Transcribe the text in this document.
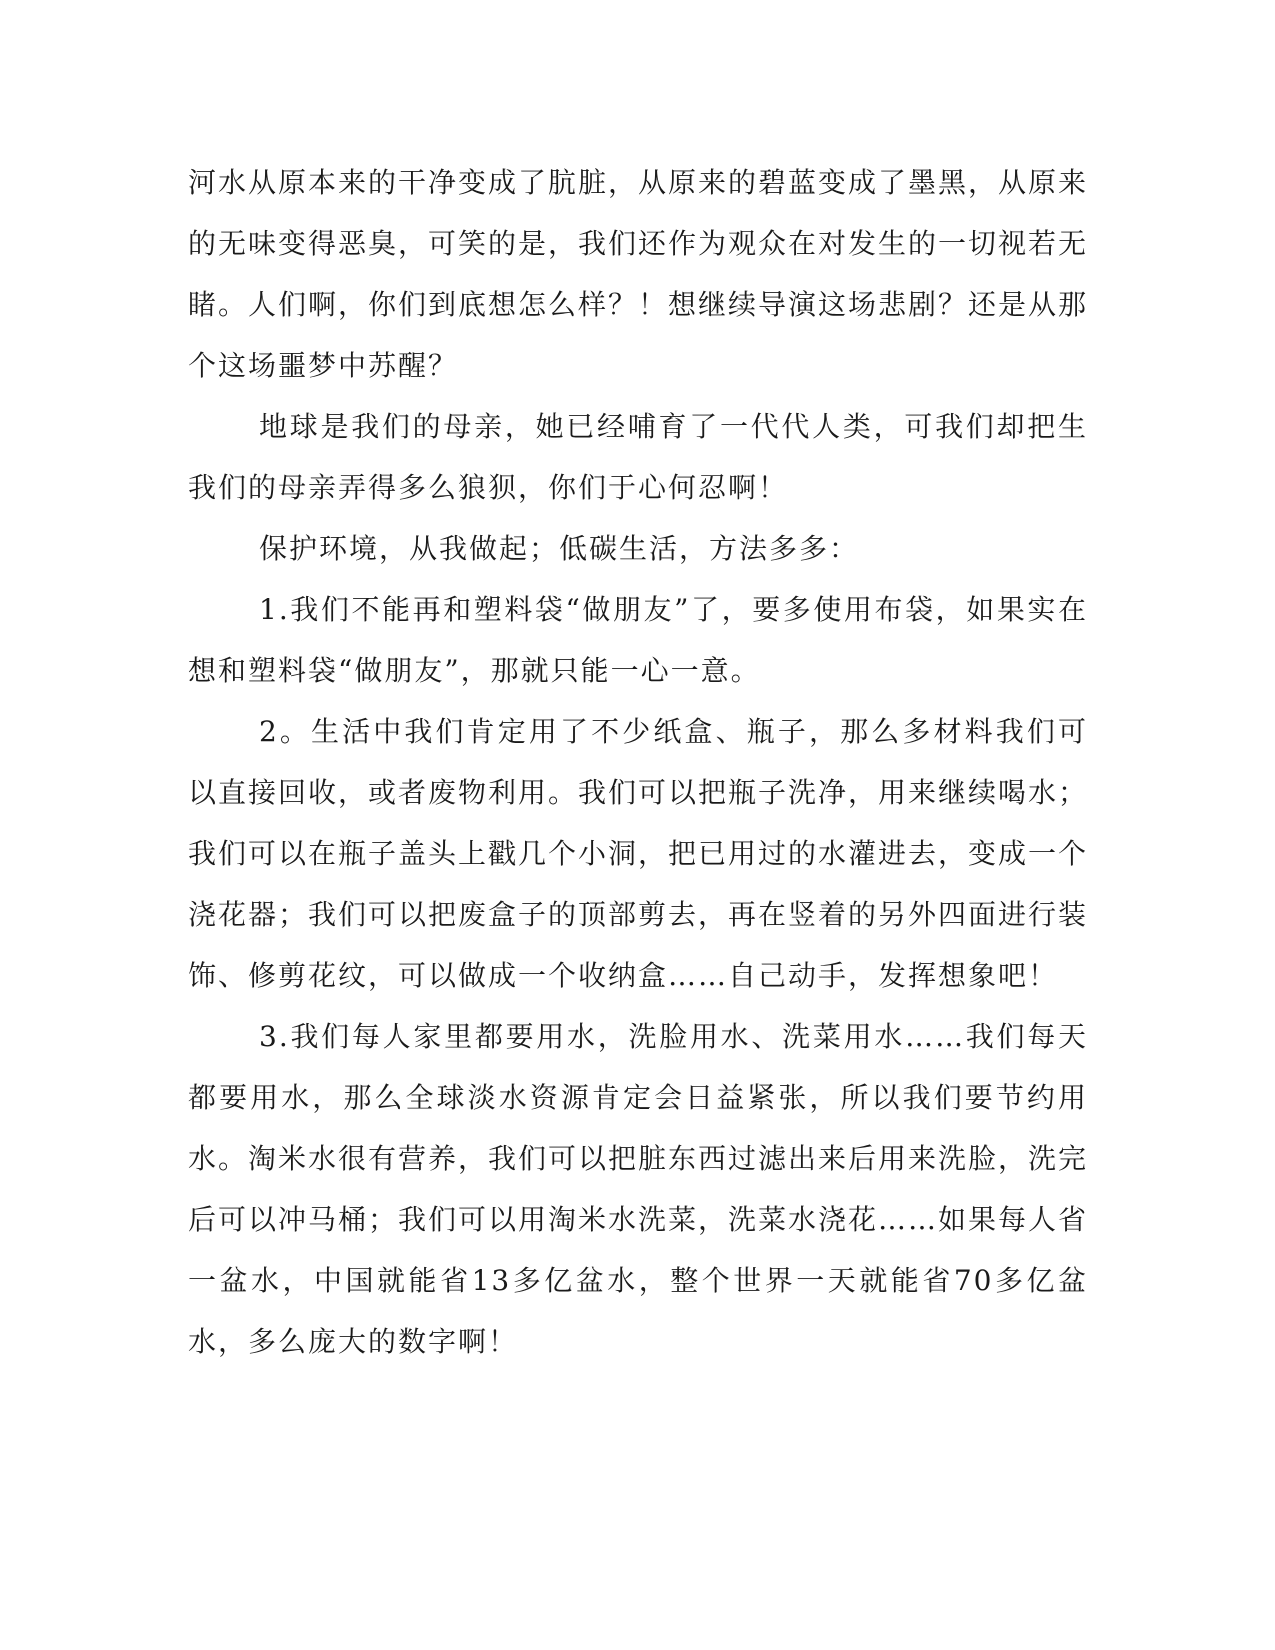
河水从原本来的干净变成了肮脏，从原来的碧蓝变成了墨黑，从原来的无味变得恶臭，可笑的是，我们还作为观众在对发生的一切视若无睹。人们啊，你们到底想怎么样？！想继续导演这场悲剧？还是从那个这场噩梦中苏醒？

地球是我们的母亲，她已经哺育了一代代人类，可我们却把生我们的母亲弄得多么狼狈，你们于心何忍啊！

保护环境，从我做起；低碳生活，方法多多：

1.我们不能再和塑料袋“做朋友”了，要多使用布袋，如果实在想和塑料袋“做朋友”，那就只能一心一意。

2。生活中我们肯定用了不少纸盒、瓶子，那么多材料我们可以直接回收，或者废物利用。我们可以把瓶子洗净，用来继续喝水；我们可以在瓶子盖头上戳几个小洞，把已用过的水灌进去，变成一个浇花器；我们可以把废盒子的顶部剪去，再在竖着的另外四面进行装饰、修剪花纹，可以做成一个收纳盒……自己动手，发挥想象吧！

3.我们每人家里都要用水，洗脸用水、洗菜用水……我们每天都要用水，那么全球淡水资源肯定会日益紧张，所以我们要节约用水。淘米水很有营养，我们可以把脏东西过滤出来后用来洗脸，洗完后可以冲马桶；我们可以用淘米水洗菜，洗菜水浇花……如果每人省一盆水，中国就能省13多亿盆水，整个世界一天就能省70多亿盆水，多么庞大的数字啊！
